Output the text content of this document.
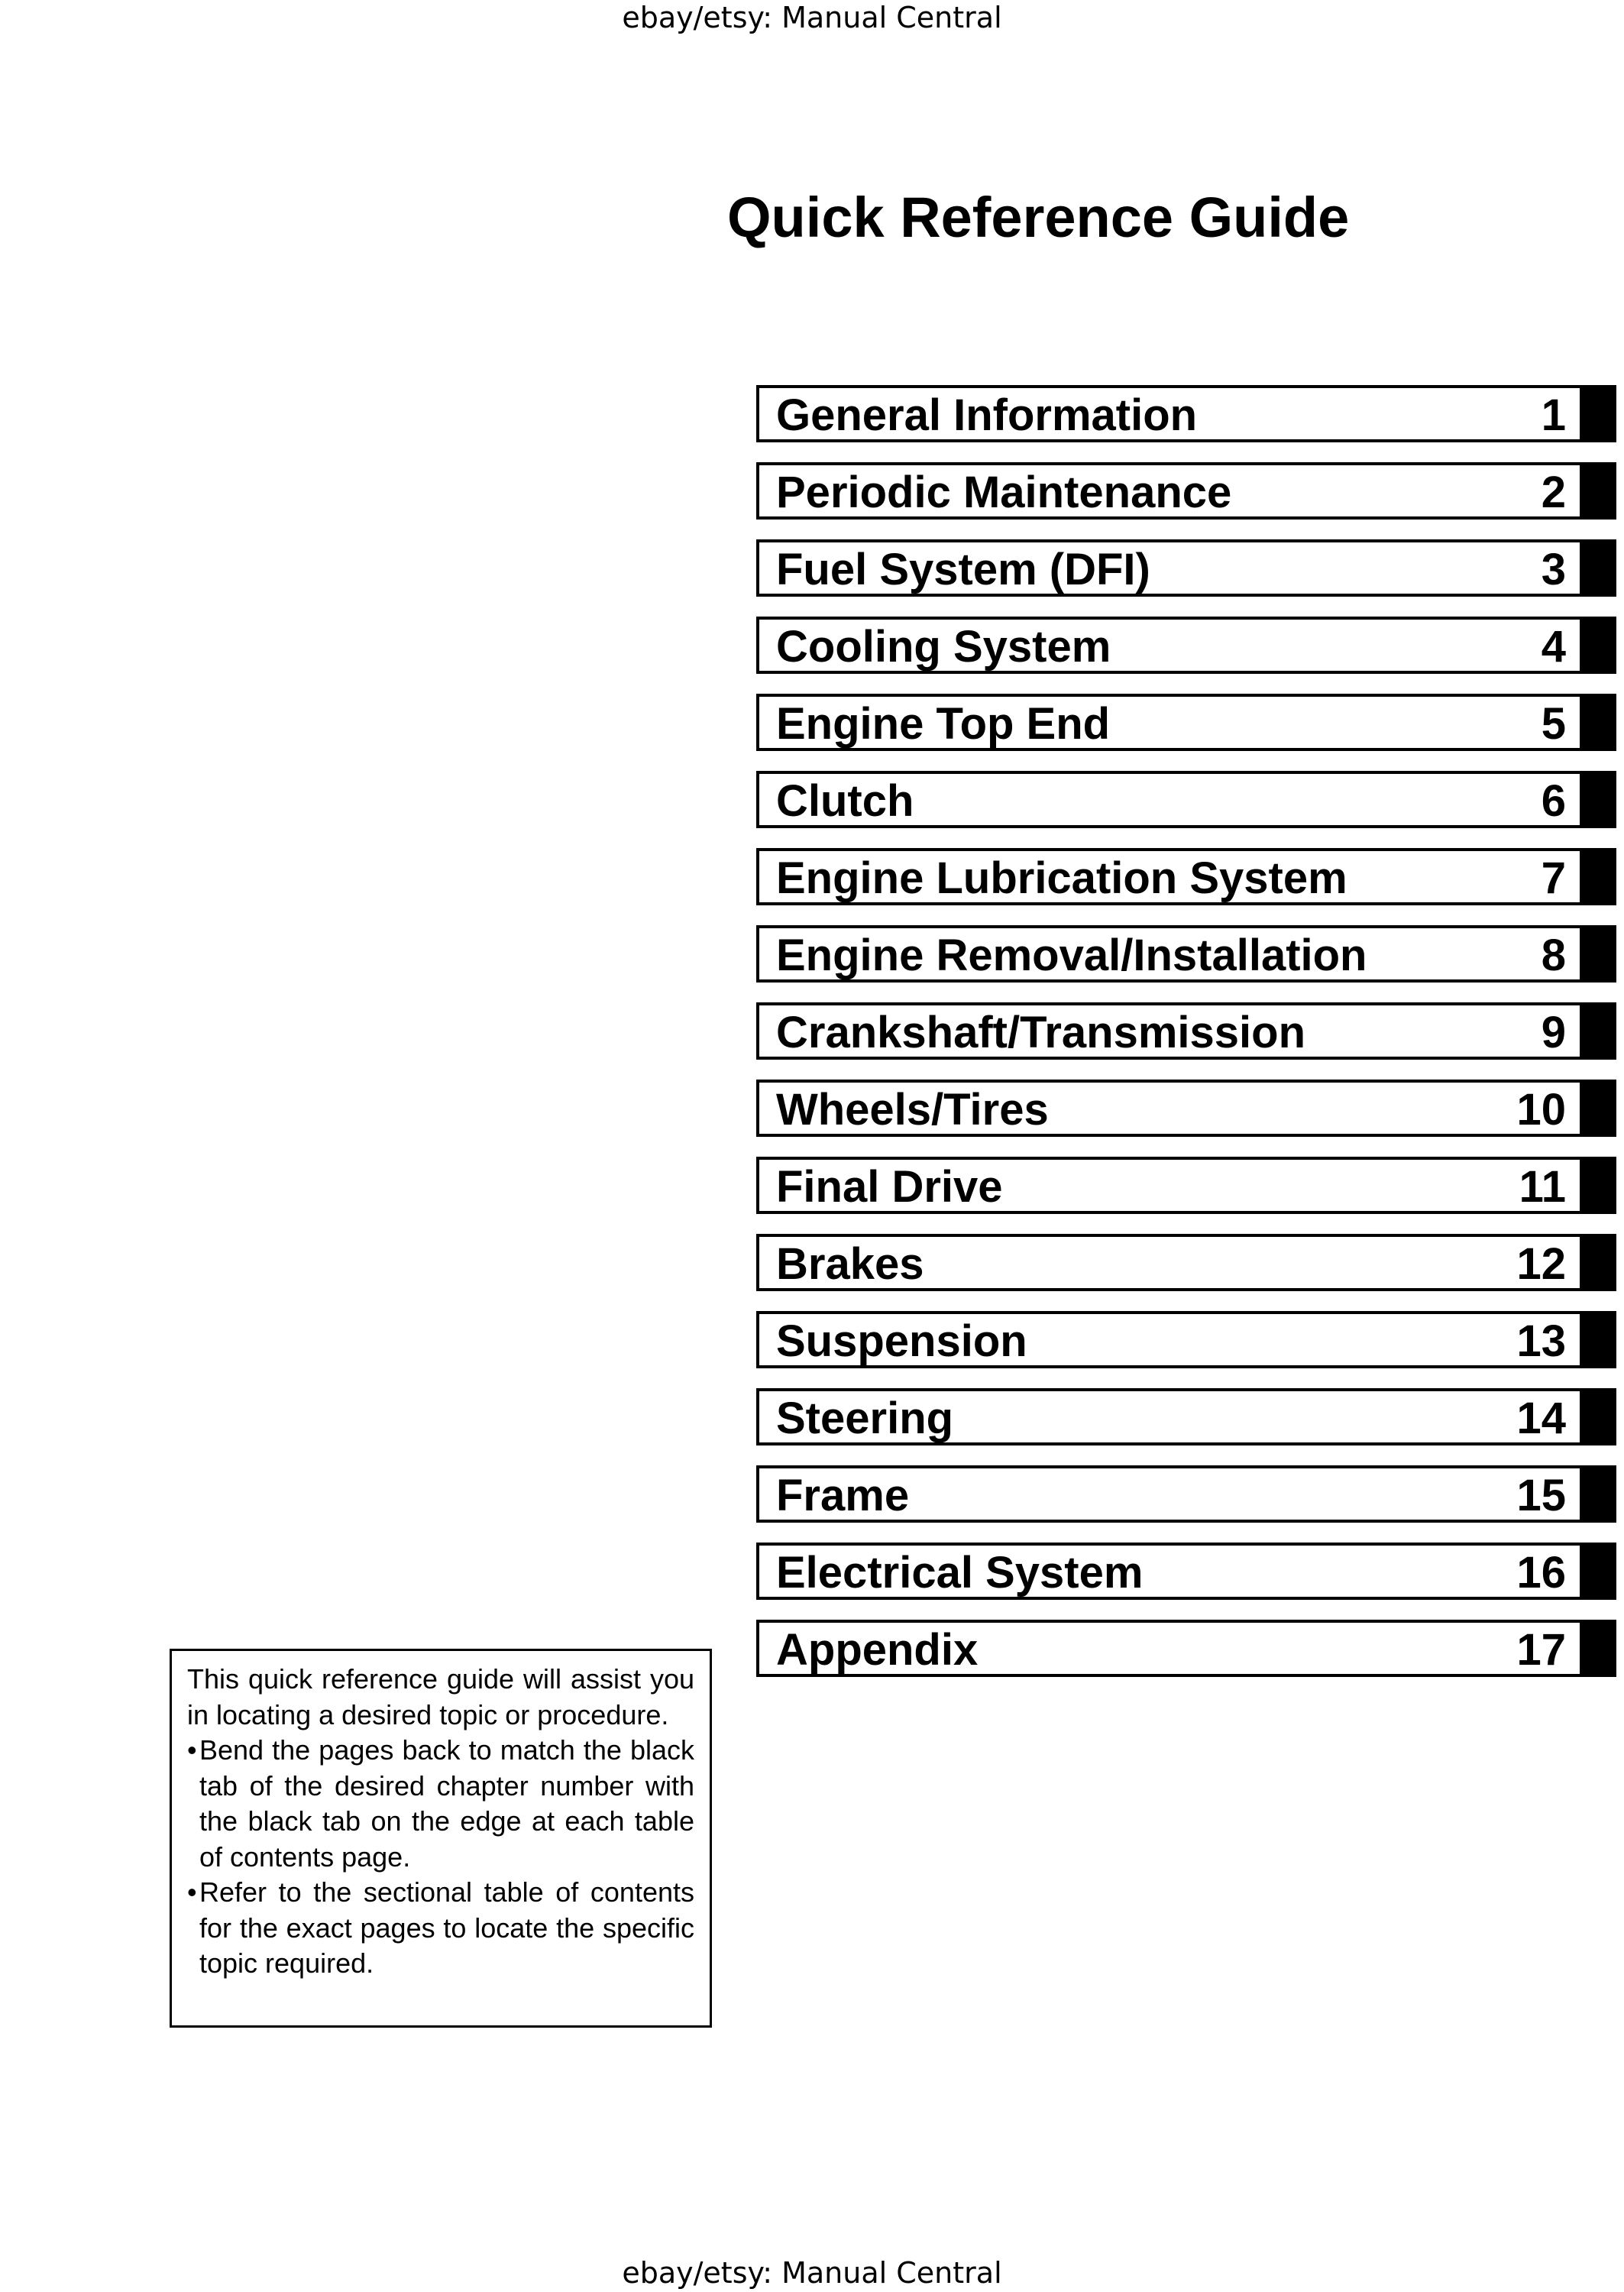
ebay/etsy: Manual Central
Quick Reference Guide
General Information	1
Periodic Maintenance	2
Fuel System (DFI)	3
Cooling System	4
Engine Top End	5
Clutch	6
Engine Lubrication System	7
Engine Removal/Installation	8
Crankshaft/Transmission	9
Wheels/Tires	10
Final Drive	11
Brakes	12
Suspension	13
Steering	14
Frame	15
Electrical System	16
Appendix	17

This quick reference guide will assist you in locating a desired topic or procedure.

• Bend the pages back to match the black tab of the desired chapter number with the black tab on the edge at each table of contents page.
• Refer to the sectional table of contents for the exact pages to locate the specific topic required.
ebay/etsy: Manual Central
